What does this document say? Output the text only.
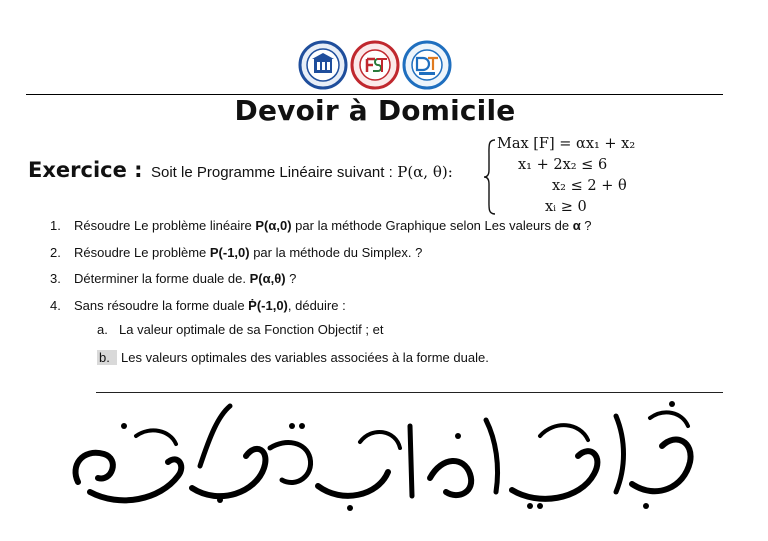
Devoir à Domicile
Exercice : Soit le Programme Linéaire suivant : P(α, θ):
Max [F] = αx₁ + x₂
x₁ + 2x₂ ≤ 6
x₂ ≤ 2 + θ
xᵢ ≥ 0
1. Résoudre Le problème linéaire P(α,0) par la méthode Graphique selon Les valeurs de α ?
2. Résoudre Le problème P(-1,0) par la méthode du Simplex. ?
3. Déterminer la forme duale de. P(α,θ) ?
4. Sans résoudre la forme duale Ṗ(-1,0), déduire :
a. La valeur optimale de sa Fonction Objectif ; et
b. Les valeurs optimales des variables associées à la forme duale.
